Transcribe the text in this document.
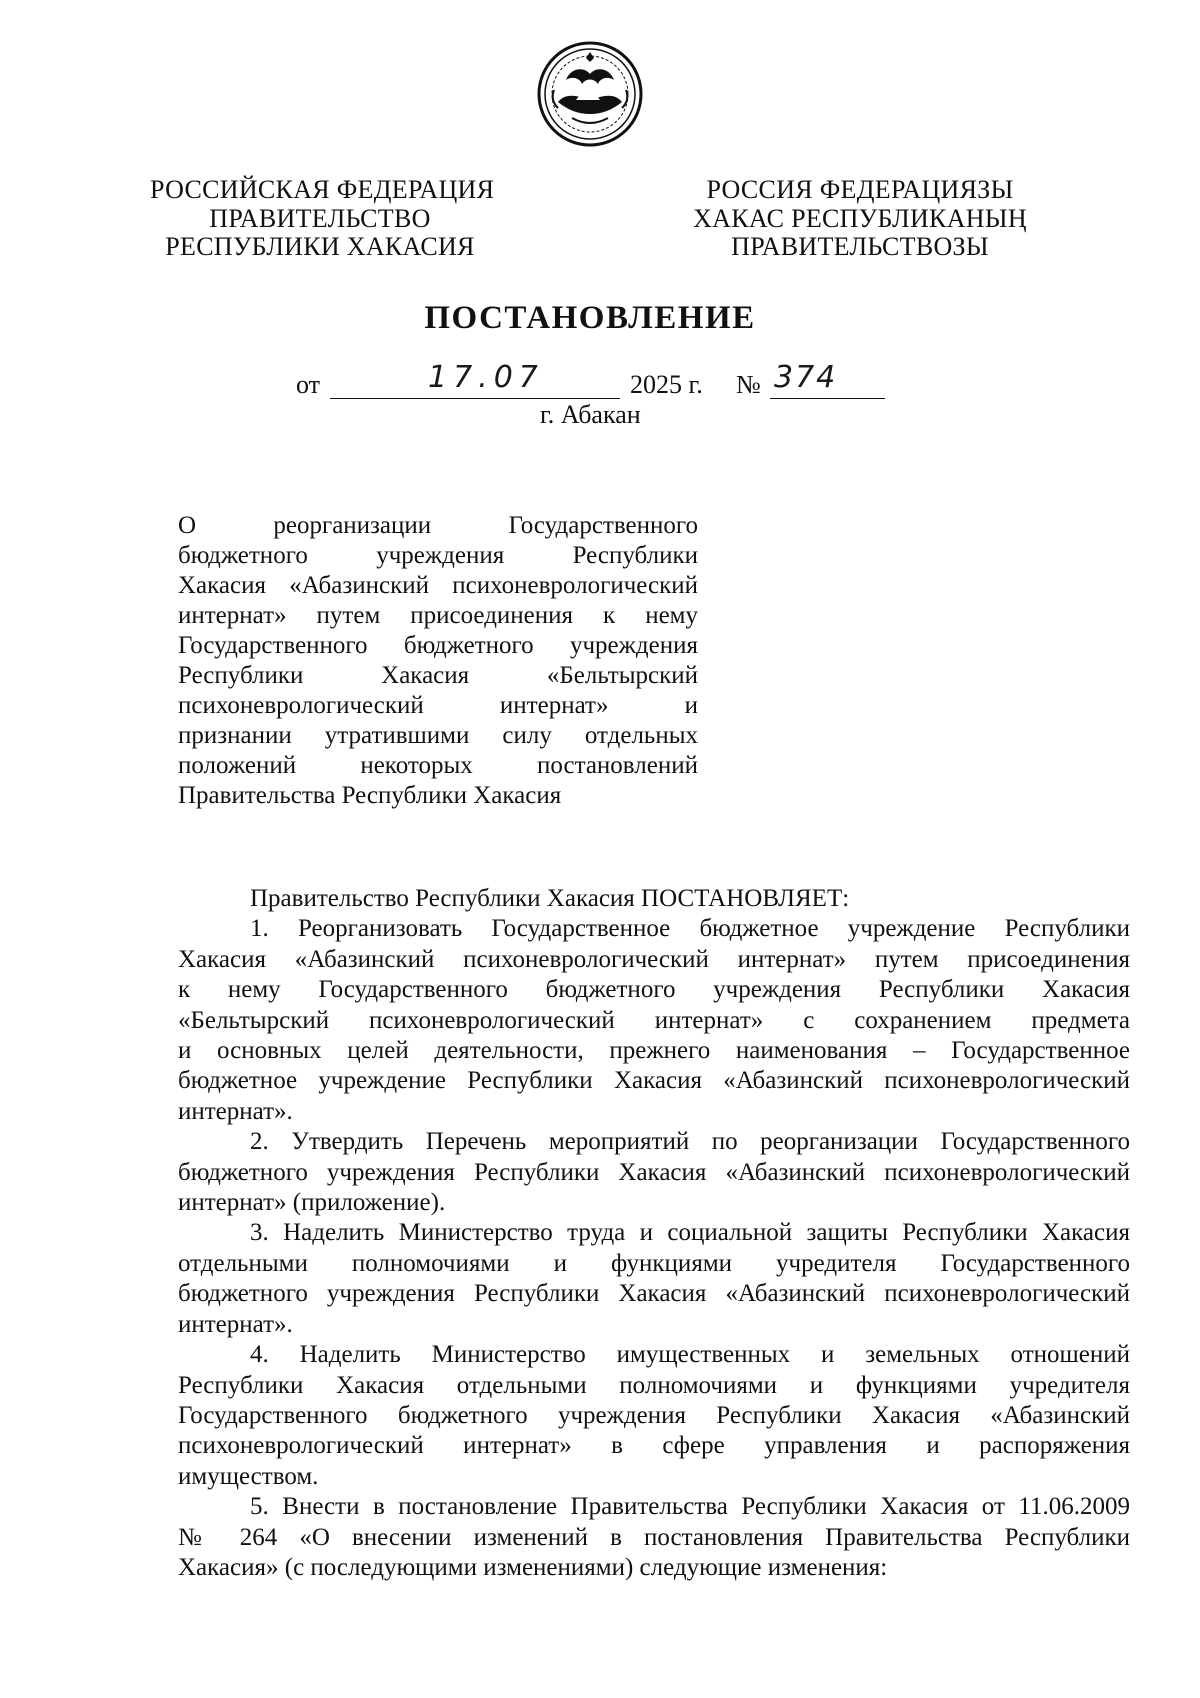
РОССИЙСКАЯ ФЕДЕРАЦИЯ
ПРАВИТЕЛЬСТВО
РЕСПУБЛИКИ ХАКАСИЯ
РОССИЯ ФЕДЕРАЦИЯЗЫ
ХАКАС РЕСПУБЛИКАНЫҢ
ПРАВИТЕЛЬСТВОЗЫ
ПОСТАНОВЛЕНИЕ
от	17.07	2025 г. № 374
г. Абакан
О реорганизации Государственного
бюджетного учреждения Республики
Хакасия «Абазинский психоневрологический
интернат» путем присоединения к нему
Государственного бюджетного учреждения
Республики Хакасия «Бельтырский
психоневрологический интернат» и
признании утратившими силу отдельных
положений некоторых постановлений
Правительства Республики Хакасия
Правительство Республики Хакасия ПОСТАНОВЛЯЕТ:
1. Реорганизовать Государственное бюджетное учреждение Республики
Хакасия «Абазинский психоневрологический интернат» путем присоединения
к нему Государственного бюджетного учреждения Республики Хакасия
«Бельтырский психоневрологический интернат» с сохранением предмета
и основных целей деятельности, прежнего наименования – Государственное
бюджетное учреждение Республики Хакасия «Абазинский психоневрологический
интернат».
2. Утвердить Перечень мероприятий по реорганизации Государственного
бюджетного учреждения Республики Хакасия «Абазинский психоневрологический
интернат» (приложение).
3. Наделить Министерство труда и социальной защиты Республики Хакасия
отдельными полномочиями и функциями учредителя Государственного
бюджетного учреждения Республики Хакасия «Абазинский психоневрологический
интернат».
4. Наделить Министерство имущественных и земельных отношений
Республики Хакасия отдельными полномочиями и функциями учредителя
Государственного бюджетного учреждения Республики Хакасия «Абазинский
психоневрологический интернат» в сфере управления и распоряжения
имуществом.
5. Внести в постановление Правительства Республики Хакасия от 11.06.2009
№ 264 «О внесении изменений в постановления Правительства Республики
Хакасия» (с последующими изменениями) следующие изменения:
